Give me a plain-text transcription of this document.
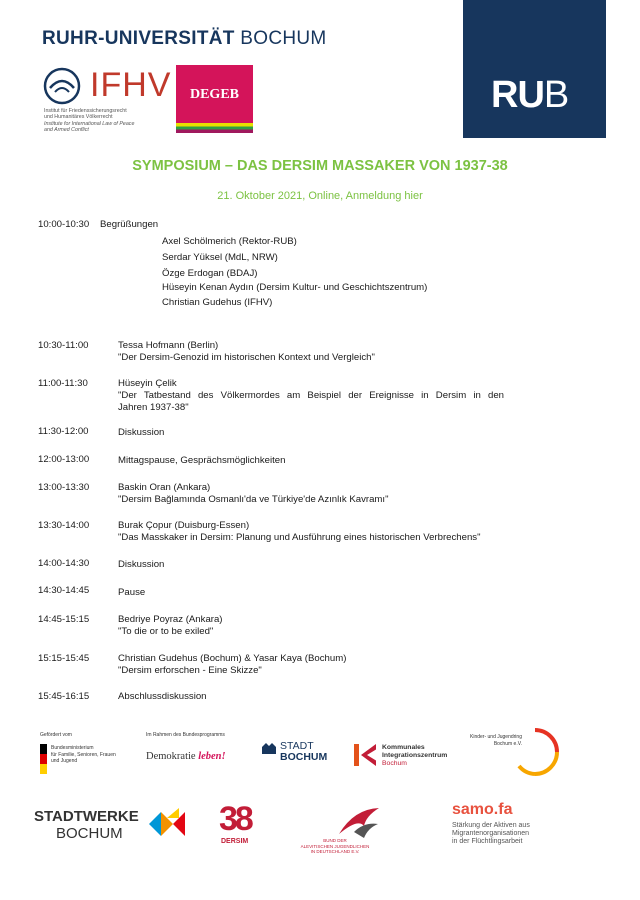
RUHR-UNIVERSITÄT BOCHUM
RUB
IFHV
Institut für Friedenssicherungsrecht
und Humanitäres Völkerrecht
Institute for International Law of Peace
and Armed Conflict
DEGEB
SYMPOSIUM – DAS DERSIM MASSAKER VON 1937-38
21. Oktober 2021, Online, Anmeldung hier
10:00-10:30 Begrüßungen
Axel Schölmerich (Rektor-RUB)
Serdar Yüksel (MdL, NRW)
Özge Erdogan (BDAJ)
Hüseyin Kenan Aydın (Dersim Kultur- und Geschichtszentrum)
Christian Gudehus (IFHV)
10:30-11:00	Tessa Hofmann (Berlin)
"Der Dersim-Genozid im historischen Kontext und Vergleich"
11:00-11:30	Hüseyin Çelik
"Der Tatbestand des Völkermordes am Beispiel der Ereignisse in Dersim in den
Jahren 1937-38"
11:30-12:00	Diskussion
12:00-13:00	Mittagspause, Gesprächsmöglichkeiten
13:00-13:30	Baskin Oran (Ankara)
"Dersim Bağlamında Osmanlı'da ve Türkiye'de Azınlık Kavramı"
13:30-14:00	Burak Çopur (Duisburg-Essen)
"Das Masskaker in Dersim: Planung und Ausführung eines historischen Verbrechens"
14:00-14:30	Diskussion
14:30-14:45	Pause
14:45-15:15	Bedriye Poyraz (Ankara)
"To die or to be exiled"
15:15-15:45	Christian Gudehus (Bochum) & Yasar Kaya (Bochum)
"Dersim erforschen - Eine Skizze"
15:45-16:15	Abschlussdiskussion
Gefördert vom
Bundesministerium
für Familie, Senioren, Frauen
und Jugend
Im Rahmen des Bundesprogramms
Demokratie leben!
STADT
BOCHUM
Kommunales
Integrationszentrum
Bochum
Kinder- und Jugendring
Bochum e.V.
STADTWERKE
BOCHUM	38
DERSIM	BUND DER
ALEVITISCHEN JUGENDLICHEN
IN DEUTSCHLAND E.V.
samo.fa
Stärkung der Aktiven aus
Migrantenorganisationen
in der Flüchtlingsarbeit
